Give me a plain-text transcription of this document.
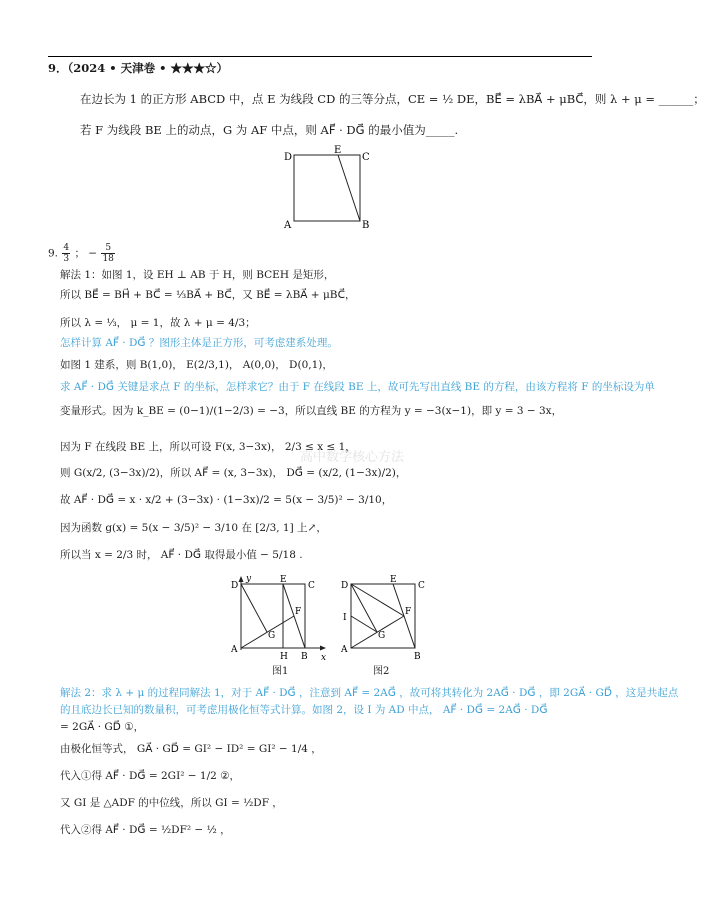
9．（2024 • 天津卷 • ★★★☆）
在边长为 1 的正方形 ABCD 中，点 E 为线段 CD 的三等分点，CE = ½ DE，BE⃗ = λBA⃗ + μBC⃗，则 λ + μ = ______；
若 F 为线段 BE 上的动点，G 为 AF 中点，则 AF⃗ · DG⃗ 的最小值为_____.
D	C
E
A	B
9. $\frac{4}{3}$ ； − $\frac{5}{18}$
解法 1：如图 1，设 EH ⊥ AB 于 H，则 BCEH 是矩形，
所以 BE⃗ = BH⃗ + BC⃗ = ⅓BA⃗ + BC⃗，又 BE⃗ = λBA⃗ + μBC⃗，
所以 λ = ⅓， μ = 1，故 λ + μ = 4/3；
怎样计算 AF⃗ · DG⃗ ？图形主体是正方形，可考虑建系处理。
如图 1 建系，则 B(1,0)， E(2/3,1)， A(0,0)， D(0,1)，
求 AF⃗ · DG⃗ 关键是求点 F 的坐标，怎样求它？由于 F 在线段 BE 上，故可先写出直线 BE 的方程，由该方程将 F 的坐标设为单
变量形式。因为 k_BE = (0−1)/(1−2/3) = −3，所以直线 BE 的方程为 y = −3(x−1)，即 y = 3 − 3x，
因为 F 在线段 BE 上，所以可设 F(x, 3−3x)， 2/3 ≤ x ≤ 1，
则 G(x/2, (3−3x)/2)，所以 AF⃗ = (x, 3−3x)， DG⃗ = (x/2, (1−3x)/2)，
故 AF⃗ · DG⃗ = x · x/2 + (3−3x) · (1−3x)/2 = 5(x − 3/5)² − 3/10，
因为函数 g(x) = 5(x − 3/5)² − 3/10 在 [2/3, 1] 上↗，
所以当 x = 2/3 时， AF⃗ · DG⃗ 取得最小值 − 5/18 .
高中数学核心方法
y
x
D
E
C
F
G
A
H B
图1
D
E
C
F
I
G
A
B
图2
解法 2：求 λ + μ 的过程同解法 1，对于 AF⃗ · DG⃗ ，注意到 AF⃗ = 2AG⃗ ，故可将其转化为 2AG⃗ · DG⃗ ，即 2GA⃗ · GD⃗ ，这是共起点
的且底边长已知的数量积，可考虑用极化恒等式计算。如图 2，设 I 为 AD 中点， AF⃗ · DG⃗ = 2AG⃗ · DG⃗
= 2GA⃗ · GD⃗ ①，
由极化恒等式， GA⃗ · GD⃗ = GI² − ID² = GI² − 1/4 ，
代入①得 AF⃗ · DG⃗ = 2GI² − 1/2 ②，
又 GI 是 △ADF 的中位线，所以 GI = ½DF ，
代入②得 AF⃗ · DG⃗ = ½DF² − ½ ，
